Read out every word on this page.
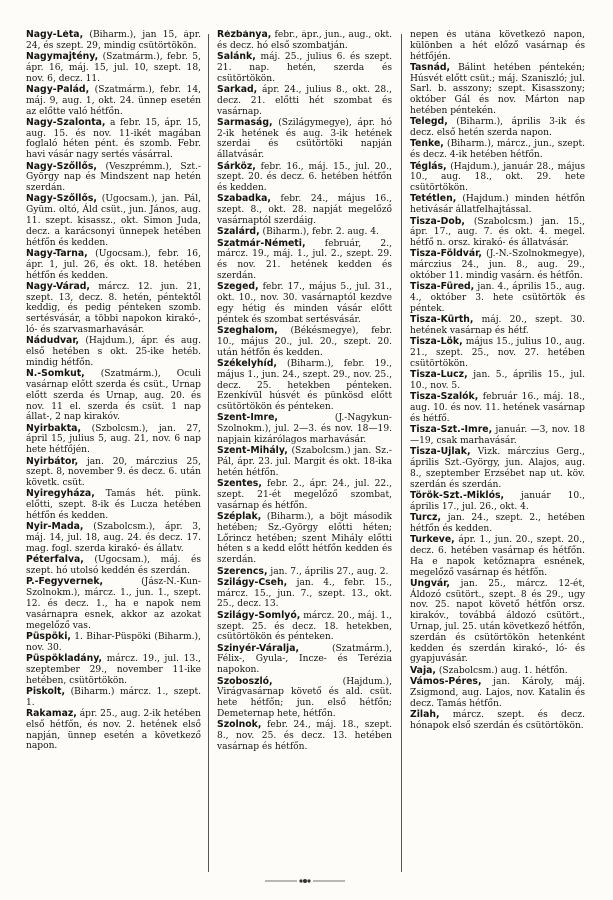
Nagy-Léta, (Biharm.), jan 15, ápr. 24, és szept. 29, mindig csütörtökön.
Nagymajtény, (Szatmárm.), febr. 5, ápr. 16, máj. 15, jul. 10, szept. 18, nov. 6, decz. 11.
Nagy-Palád, (Szatmárm.), febr. 14, máj. 9, aug. 1, okt. 24. ünnep esetén az előtte való hétfőn.
Nagy-Szalonta, a febr. 15, ápr. 15, aug. 15. és nov. 11-ikét magában foglaló héten pént. és szomb. Febr. havi vásár nagy sertés vásárral.
Nagy-Szőllős, (Veszprémm.), Szt.-György nap és Mindszent nap hetén szerdán.
Nagy-Szőllős, (Ugocsam.), jan. Pál, Gyüm. oltó, Áld csüt., jun. János, aug. 11. szept. kisassz., okt. Simon Juda, decz. a karácsonyi ünnepek hetében hétfőn és kedden.
Nagy-Tarna, (Ugocsam.), febr. 16, ápr. 1, jul. 26, és okt. 18. hetében hétfőn és kedden.
Nagy-Várad, márcz. 12. jun. 21, szept. 13, decz. 8. hetén, péntektől keddig, és pedig pénteken szomb. sertésvásár, a többi napokon kirakó-, ló- és szarvasmarhavásár.
Nádudvar, (Hajdum.), ápr. és aug. első hetében s okt. 25-ike hetéb. mindig hétfőn.
N.-Somkut, (Szatmárm.), Oculi vasárnap előtt szerda és csüt., Urnap előtt szerda és Urnap, aug. 20. és nov. 11 el. szerda és csüt. 1 nap állat-, 2 nap kirakóv.
Nyirbakta, (Szbolcsm.), jan. 27, ápril 15, julius 5, aug. 21, nov. 6 nap hete hétfőjén.
Nyirbátor, jan. 20, márczius 25, szept. 8, november 9. és decz. 6. után követk. csüt.
Nyiregyháza, Tamás hét. pünk. előtti, szept. 8-ik és Lucza hetében hétfőn és kedden.
Nyir-Mada, (Szabolcsm.), ápr. 3, máj. 14, jul. 18, aug. 24. és decz. 17. mag. fogl. szerda kirakó- és állatv.
Péterfalva, (Ugocsam.), máj. és szept. hó utolsó keddén és szerdán.
P.-Fegyvernek, (Jász-N.-Kun-Szolnokm.), márcz. 1., jun. 1., szept. 12. és decz. 1., ha e napok nem vasárnapra esnek, akkor az azokat megelőző vas.
Püspöki, 1. Bihar-Püspöki (Biharm.), nov. 30.
Püspökladány, márcz. 19., jul. 13., szeptember 29., november 11-ike hetében, csütörtökön.
Piskolt, (Biharm.) márcz. 1., szept. 1.
Rakamaz, ápr. 25., aug. 2-ik hetében első hétfőn, és nov. 2. hetének első napján, ünnep esetén a következő napon.
Rézbánya, febr., ápr., jun., aug., okt. és decz. hó első szombatján.
Salánk, máj. 25., julius 6. és szept. 21. nap. hetén, szerda és csütörtökön.
Sarkad, ápr. 24., julius 8., okt. 28., decz. 21. előtti hét szombat és vasárnap.
Sarmaság, (Szilágymegye), ápr. hó 2-ik hetének és aug. 3-ik hetének szerdai és csütörtöki napján állatvásár.
Sárköz, febr. 16., máj. 15., jul. 20., szept. 20. és decz. 6. hetében hétfőn és kedden.
Szabadka, febr. 24., május 16., szept. 8., okt. 28. napját megelőző vasárnaptól szerdáig.
Szalárd, (Biharm.), febr. 2. aug. 4.
Szatmár-Németi, február, 2., márcz. 19., máj. 1., jul. 2., szept. 29. és nov. 21. hetének kedden és szerdán.
Szeged, febr. 17., május 5., jul. 31., okt. 10., nov. 30. vasárnaptól kezdve egy hétig és minden vásár előtt péntek és szombat sertésvásár.
Szeghalom, (Békésmegye), febr. 10., május 20., jul. 20., szept. 20. után hétfőn és kedden.
Székelyhíd, (Biharm.), febr. 19., május 1., jun. 24., szept. 29., nov. 25., decz. 25. hetekben pénteken. Ezenkívül húsvét és pünkösd előtt csütörtökön és pénteken.
Szent-Imre, (J.-Nagykun-Szolnokm.), jul. 2—3. és nov. 18—19. napjain kizárólagos marhavásár.
Szent-Mihály, (Szabolcsm.) jan. Sz.-Pál, ápr. 23. jul. Margit és okt. 18-ika hetén hétfőn.
Szentes, febr. 2., ápr. 24., jul. 22., szept. 21-ét megelőző szombat, vasárnap és hétfőn.
Széplak, (Biharm.), a böjt második hetében; Sz.-György előtti héten; Lőrincz hetében; szent Mihály előtti héten s a kedd előtt hétfőn kedden és szerdán.
Szerencs, jan. 7., április 27., aug. 2.
Szilágy-Cseh, jan. 4., febr. 15., márcz. 15., jun. 7., szept. 13., okt. 25., decz. 13.
Szilágy-Somlyó, márcz. 20., máj. 1., szept. 25. és decz. 18. hetekben, csütörtökön és pénteken.
Szinyér-Váralja, (Szatmárm.), Félix-, Gyula-, Incze- és Terézia napokon.
Szoboszló, (Hajdum.), Virágvasárnap követő és ald. csüt. hete hétfőn; jun. első hétfőn; Demeternap hete, hétfőn.
Szolnok, febr. 24., máj. 18., szept. 8., nov. 25. és decz. 13. hetében vasárnap és hétfőn.
nepen és utána következő napon, különben a hét előző vasárnap és hétfőjén.
Tasnád, Bálint hetében péntekén; Húsvét előtt csüt.; máj. Szaniszló; jul. Sarl. b. asszony; szept. Kisasszony; október Gál és nov. Márton nap hetében péntekén.
Telegd, (Biharm.), április 3-ik és decz. első hetén szerda napon.
Tenke, (Biharm.), márcz., jun., szept. és decz. 4-ik hetében hétfőn.
Téglás, (Hajdum.), január 28., május 10., aug. 18., okt. 29. hete csütörtökön.
Tetétlen, (Hajdum.) minden hétfőn hetivásár állatfelhajtással.
Tisza-Dob, (Szabolcsm.) jan. 15., ápr. 17., aug. 7. és okt. 4. megel. hétfő n. orsz. kirakó- és állatvásár.
Tisza-Földvár, (J.-N.-Szolnokmegye), márczius 24., jun. 8., aug. 29., október 11. mindig vasárn. és hétfőn.
Tisza-Füred, jan. 4., április 15., aug. 4., október 3. hete csütörtök és péntek.
Tisza-Kürth, máj. 20., szept. 30. hetének vasárnap és hétf.
Tisza-Lök, május 15., julius 10., aug. 21., szept. 25., nov. 27. hetében csütörtökön.
Tisza-Lucz, jan. 5., április 15., jul. 10., nov. 5.
Tisza-Szalók, február 16., máj. 18., aug. 10. és nov. 11. hetének vasárnap és hétfő.
Tisza-Szt.-Imre, január. —3, nov. 18—19, csak marhavásár.
Tisza-Ujlak, Vizk. márczius Gerg., április Szt.-György, jun. Alajos, aug. 8., szeptember Erzsébet nap ut. köv. szerdán és szerdán.
Török-Szt.-Miklós, január 10., április 17., jul. 26., okt. 4.
Turcz, jan. 24., szept. 2., hetében hétfőn és kedden.
Turkeve, ápr. 1., jun. 20., szept. 20., decz. 6. hetében vasárnap és hétfőn. Ha e napok ketőznapra esnének, megelőző vasárnap és hétfőn.
Ungvár, jan. 25., márcz. 12-ét, Áldozó csütört., szept. 8 és 29., ugy nov. 25. napot követő hétfőn orsz. kirakóv., továbbá áldozó csütört., Urnap, jul. 25. után következő hétfőn, szerdán és csütörtökön hetenként kedden és szerdán kirakó-, ló- és gyapjuvásár.
Vaja, (Szabolcsm.) aug. 1. hétfőn.
Vámos-Péres, jan. Károly, máj. Zsigmond, aug. Lajos, nov. Katalin és decz. Tamás hétfőn.
Zilah, márcz. szept. és decz. hónapok első szerdán és csütörtökön.
